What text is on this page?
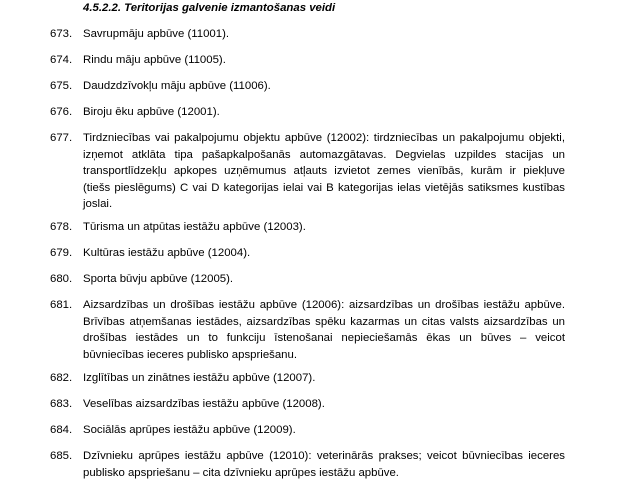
4.5.2.2. Teritorijas galvenie izmantošanas veidi
673. Savrupmāju apbūve (11001).
674. Rindu māju apbūve (11005).
675. Daudzdzīvokļu māju apbūve (11006).
676. Biroju ēku apbūve (12001).
677. Tirdzniecības vai pakalpojumu objektu apbūve (12002): tirdzniecības un pakalpojumu objekti,
izņemot atklāta tipa pašapkalpošanās automazgātavas. Degvielas uzpildes stacijas un
transportlīdzekļu apkopes uzņēmumus atļauts izvietot zemes vienībās, kurām ir piekļuve
(tiešs pieslēgums) C vai D kategorijas ielai vai B kategorijas ielas vietējās satiksmes kustības
joslai.
678. Tūrisma un atpūtas iestāžu apbūve (12003).
679. Kultūras iestāžu apbūve (12004).
680. Sporta būvju apbūve (12005).
681. Aizsardzības un drošības iestāžu apbūve (12006): aizsardzības un drošības iestāžu apbūve.
Brīvības atņemšanas iestādes, aizsardzības spēku kazarmas un citas valsts aizsardzības un
drošības iestādes un to funkciju īstenošanai nepieciešamās ēkas un būves – veicot
būvniecības ieceres publisko apspriešanu.
682. Izglītības un zinātnes iestāžu apbūve (12007).
683. Veselības aizsardzības iestāžu apbūve (12008).
684. Sociālās aprūpes iestāžu apbūve (12009).
685. Dzīvnieku aprūpes iestāžu apbūve (12010): veterinārās prakses; veicot būvniecības ieceres
publisko apspriešanu – cita dzīvnieku aprūpes iestāžu apbūve.
